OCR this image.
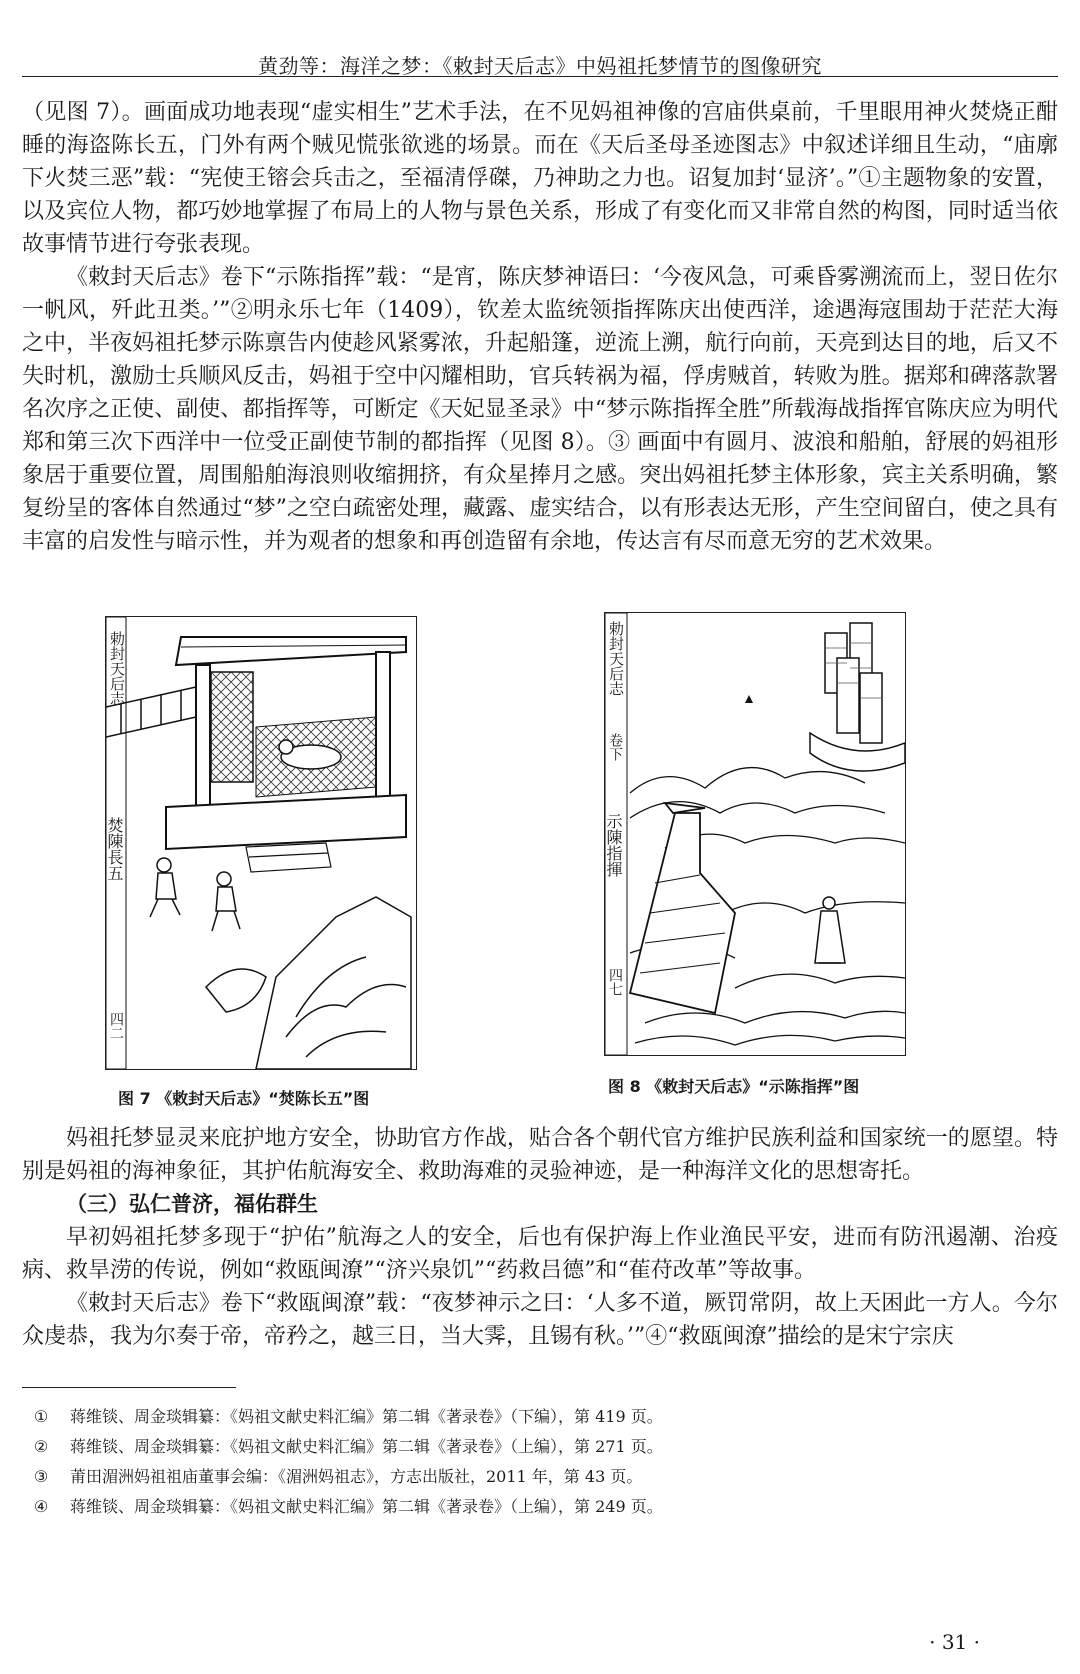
黄劲等：海洋之梦：《敕封天后志》中妈祖托梦情节的图像研究

（见图 7）。画面成功地表现“虚实相生”艺术手法，在不见妈祖神像的宫庙供桌前，千里眼用神火焚烧正酣睡的海盗陈长五，门外有两个贼见慌张欲逃的场景。而在《天后圣母圣迹图志》中叙述详细且生动，“庙廓下火焚三恶”载：“宪使王镕会兵击之，至福清俘磔，乃神助之力也。诏复加封‘显济’。”①主题物象的安置，以及宾位人物，都巧妙地掌握了布局上的人物与景色关系，形成了有变化而又非常自然的构图，同时适当依故事情节进行夸张表现。

《敕封天后志》卷下“示陈指挥”载：“是宵，陈庆梦神语曰：‘今夜风急，可乘昏雾溯流而上，翌日佐尔一帆风，歼此丑类。’”②明永乐七年（1409），钦差太监统领指挥陈庆出使西洋，途遇海寇围劫于茫茫大海之中，半夜妈祖托梦示陈禀告内使趁风紧雾浓，升起船篷，逆流上溯，航行向前，天亮到达目的地，后又不失时机，激励士兵顺风反击，妈祖于空中闪耀相助，官兵转祸为福，俘虏贼首，转败为胜。据郑和碑落款署名次序之正使、副使、都指挥等，可断定《天妃显圣录》中“梦示陈指挥全胜”所载海战指挥官陈庆应为明代郑和第三次下西洋中一位受正副使节制的都指挥（见图 8）。③ 画面中有圆月、波浪和船舶，舒展的妈祖形象居于重要位置，周围船舶海浪则收缩拥挤，有众星捧月之感。突出妈祖托梦主体形象，宾主关系明确，繁复纷呈的客体自然通过“梦”之空白疏密处理，藏露、虚实结合，以有形表达无形，产生空间留白，使之具有丰富的启发性与暗示性，并为观者的想象和再创造留有余地，传达言有尽而意无穷的艺术效果。

勅封天后志
焚陳長五
四二
图 7 《敕封天后志》“焚陈长五”图
勅封天后志
卷下
示陳指揮
四七
图 8 《敕封天后志》“示陈指挥”图

妈祖托梦显灵来庇护地方安全，协助官方作战，贴合各个朝代官方维护民族利益和国家统一的愿望。特别是妈祖的海神象征，其护佑航海安全、救助海难的灵验神迹，是一种海洋文化的思想寄托。

（三）弘仁普济，福佑群生

早初妈祖托梦多现于“护佑”航海之人的安全，后也有保护海上作业渔民平安，进而有防汛遏潮、治疫病、救旱涝的传说，例如“救瓯闽潦”“济兴泉饥”“药救吕德”和“萑苻改革”等故事。

《敕封天后志》卷下“救瓯闽潦”载：“夜梦神示之曰：‘人多不道，厥罚常阴，故上天困此一方人。今尔众虔恭，我为尔奏于帝，帝矜之，越三日，当大霁，且锡有秋。’”④“救瓯闽潦”描绘的是宋宁宗庆

①	蒋维锬、周金琰辑纂：《妈祖文献史料汇编》第二辑《著录卷》（下编），第 419 页。
②	蒋维锬、周金琰辑纂：《妈祖文献史料汇编》第二辑《著录卷》（上编），第 271 页。
③	莆田湄洲妈祖祖庙董事会编：《湄洲妈祖志》，方志出版社，2011 年，第 43 页。
④	蒋维锬、周金琰辑纂：《妈祖文献史料汇编》第二辑《著录卷》（上编），第 249 页。
· 31 ·
